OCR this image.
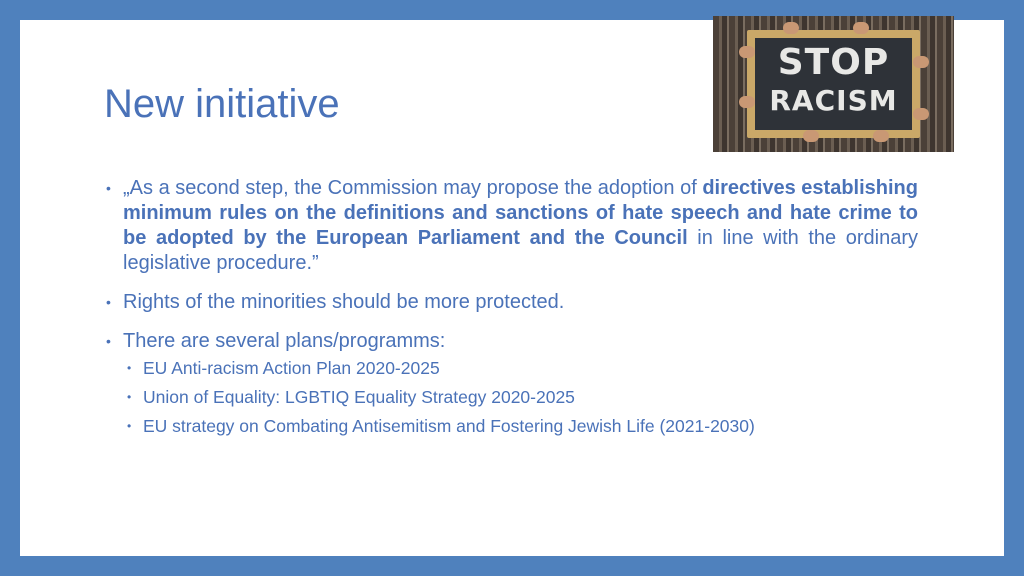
New initiative
STOP
RACISM
• „As a second step, the Commission may propose the adoption of directives establishing minimum rules on the definitions and sanctions of hate speech and hate crime to be adopted by the European Parliament and the Council in line with the ordinary legislative procedure.”
• Rights of the minorities should be more protected.
• There are several plans/programms:
• EU Anti-racism Action Plan 2020-2025
• Union of Equality: LGBTIQ Equality Strategy 2020-2025
• EU strategy on Combating Antisemitism and Fostering Jewish Life (2021-2030)
